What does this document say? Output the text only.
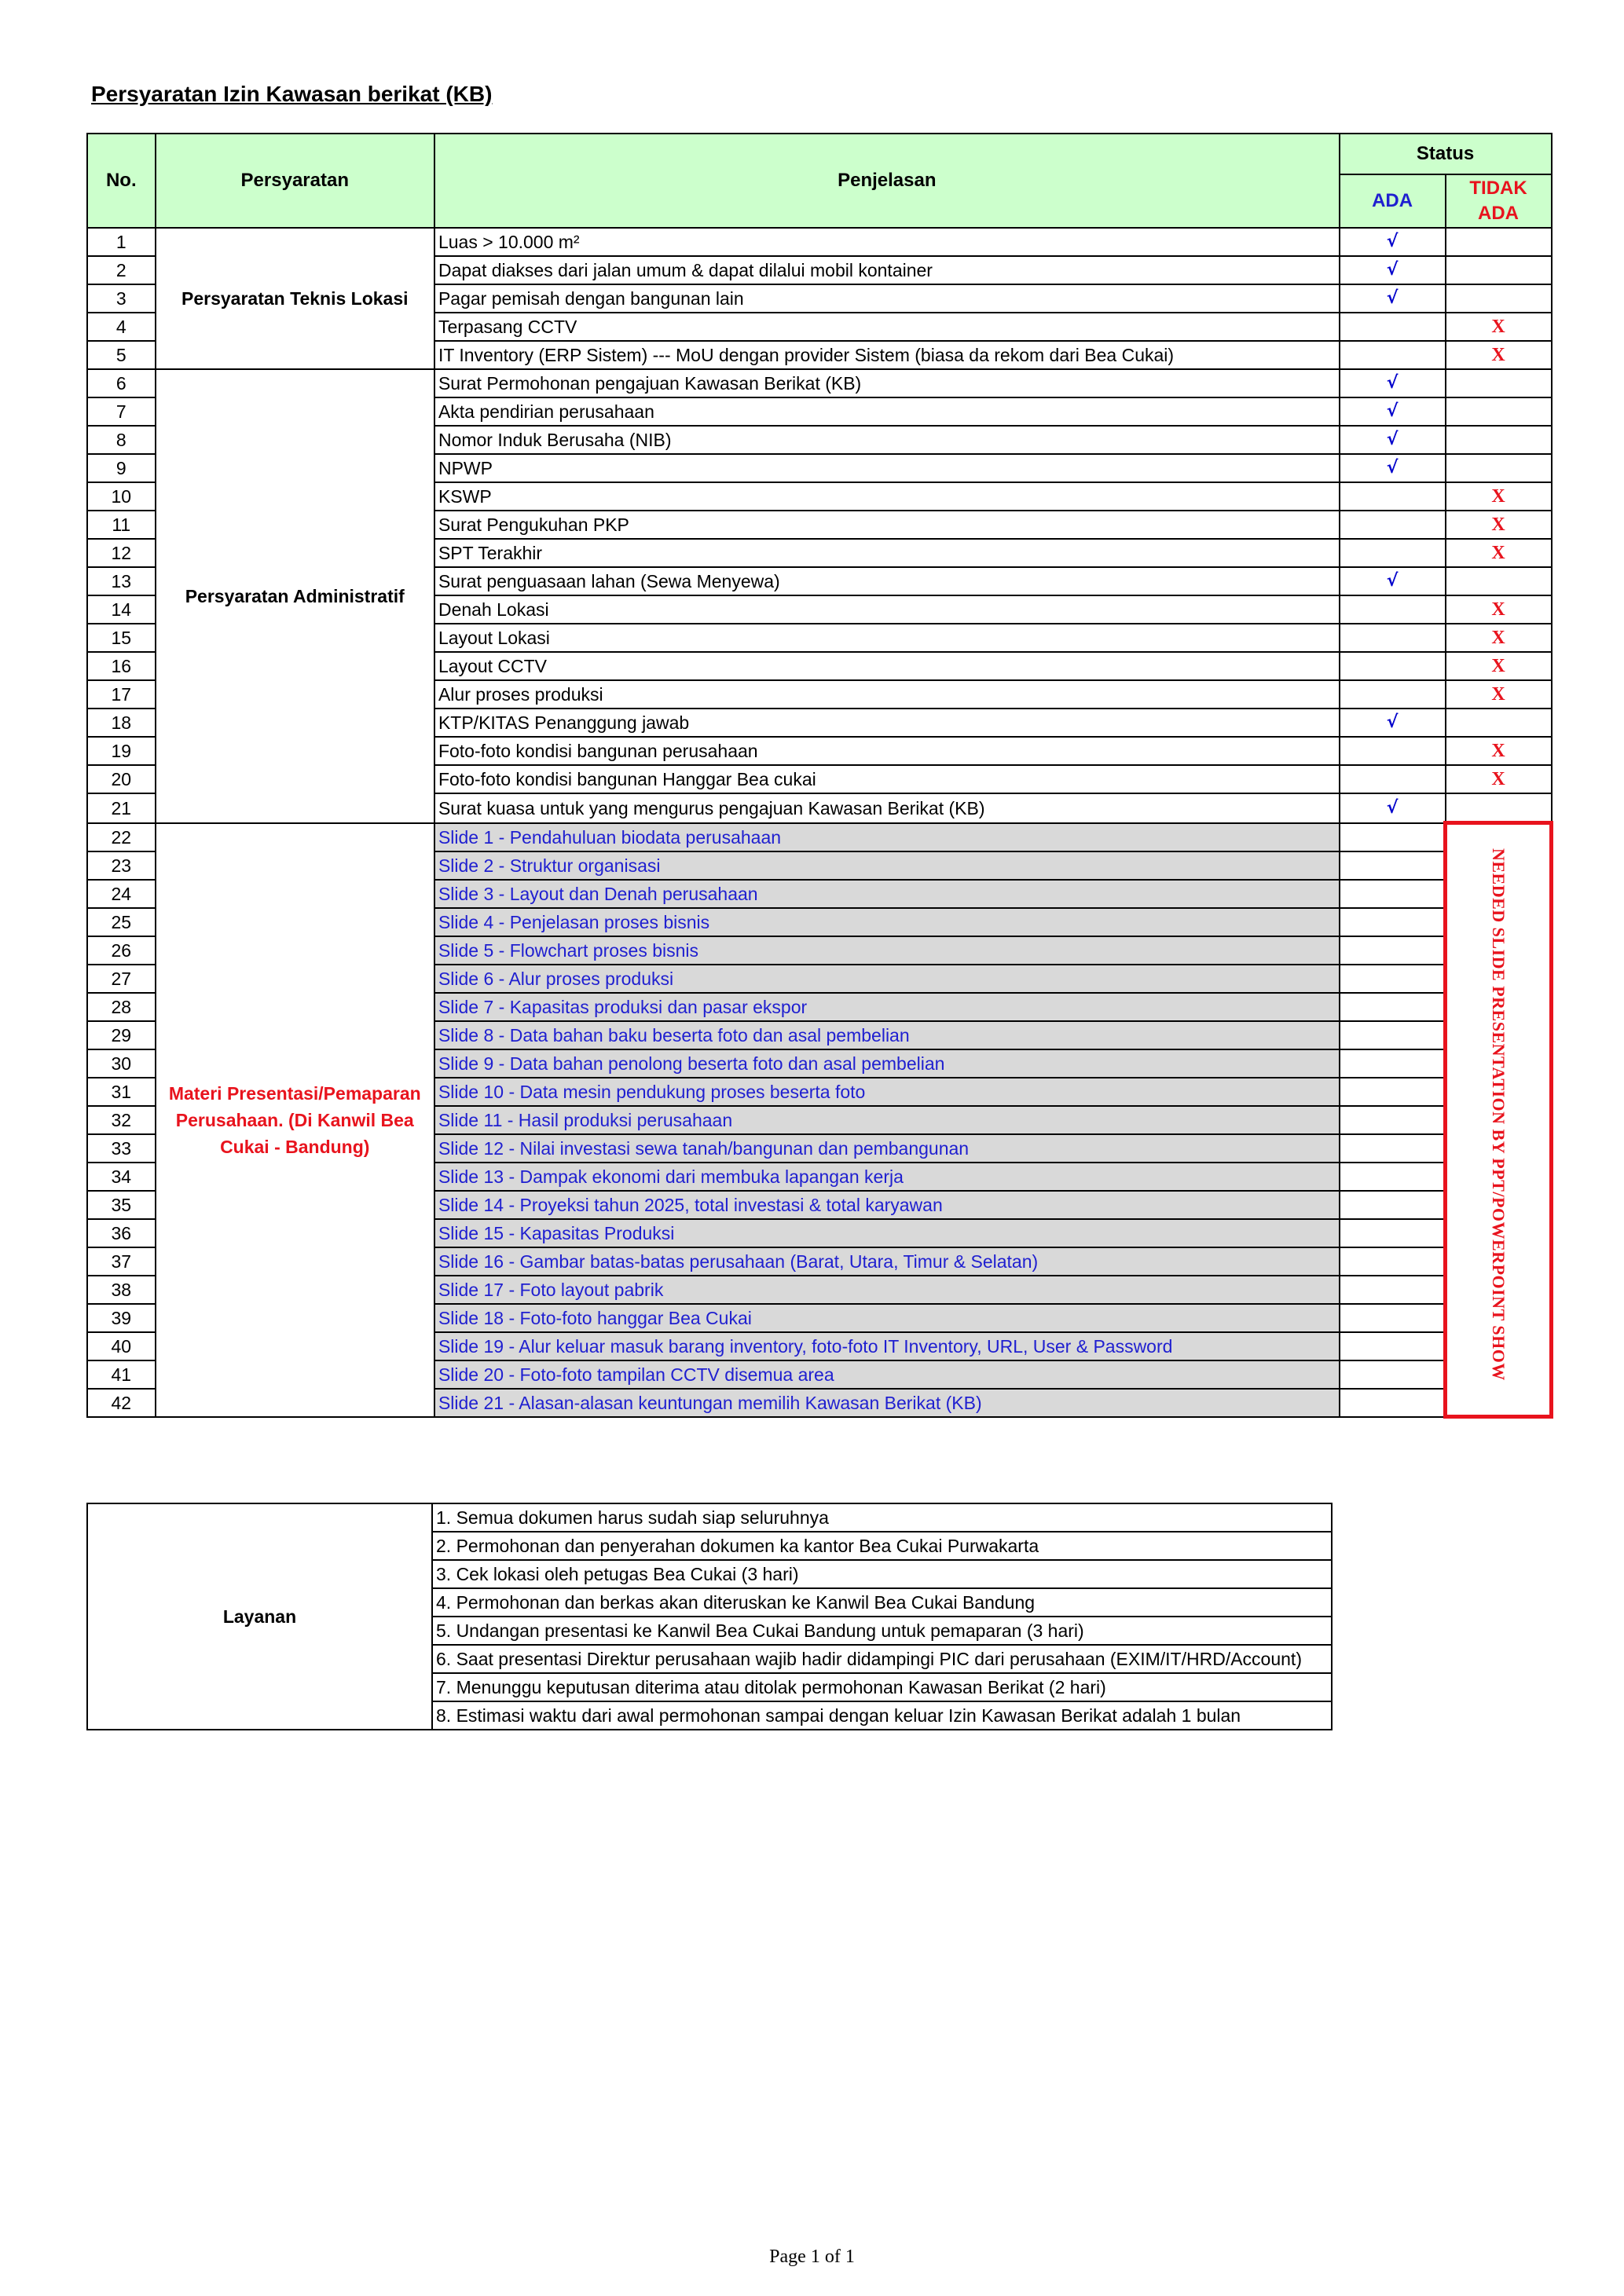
Persyaratan Izin Kawasan berikat (KB)
No.	Persyaratan	Penjelasan	Status	
			ADA	TIDAK ADA
1	Persyaratan Teknis Lokasi	Luas > 10.000 m²	√	
2		Dapat diakses dari jalan umum & dapat dilalui mobil kontainer	√	
3		Pagar pemisah dengan bangunan lain	√	
4		Terpasang CCTV		X
5		IT Inventory (ERP Sistem) --- MoU dengan provider Sistem (biasa da rekom dari Bea Cukai)		X
6	Persyaratan Administratif	Surat Permohonan pengajuan Kawasan Berikat (KB)	√	
7		Akta pendirian perusahaan	√	
8		Nomor Induk Berusaha (NIB)	√	
9		NPWP	√	
10		KSWP		X
11		Surat Pengukuhan PKP		X
12		SPT Terakhir		X
13		Surat penguasaan lahan (Sewa Menyewa)	√	
14		Denah Lokasi		X
15		Layout Lokasi		X
16		Layout CCTV		X
17		Alur proses produksi		X
18		KTP/KITAS Penanggung jawab	√	
19		Foto-foto kondisi bangunan perusahaan		X
20		Foto-foto kondisi bangunan Hanggar Bea cukai		X
21		Surat kuasa untuk yang mengurus pengajuan Kawasan Berikat (KB)	√	
22	Materi Presentasi/Pemaparan Perusahaan. (Di Kanwil Bea Cukai - Bandung)	Slide 1 - Pendahuluan biodata perusahaan		NEEDED SLIDE PRESENTATION BY PPT/POWERPOINT SHOW

23		Slide 2 - Struktur organisasi		
24		Slide 3 - Layout dan Denah perusahaan		
25		Slide 4 - Penjelasan proses bisnis		
26		Slide 5 - Flowchart proses bisnis		
27		Slide 6 - Alur proses produksi		
28		Slide 7 - Kapasitas produksi dan pasar ekspor		
29		Slide 8 - Data bahan baku beserta foto dan asal pembelian		
30		Slide 9 - Data bahan penolong beserta foto dan asal pembelian		
31		Slide 10 - Data mesin pendukung proses beserta foto		
32		Slide 11 - Hasil produksi perusahaan		
33		Slide 12 - Nilai investasi sewa tanah/bangunan dan pembangunan		
34		Slide 13 - Dampak ekonomi dari membuka lapangan kerja		
35		Slide 14 - Proyeksi tahun 2025, total investasi & total karyawan		
36		Slide 15 - Kapasitas Produksi		
37		Slide 16 - Gambar batas-batas perusahaan (Barat, Utara, Timur & Selatan)		
38		Slide 17 - Foto layout pabrik		
39		Slide 18 - Foto-foto hanggar Bea Cukai		
40		Slide 19 - Alur keluar masuk barang inventory, foto-foto IT Inventory, URL, User & Password		
41		Slide 20 - Foto-foto tampilan CCTV disemua area		
42		Slide 21 - Alasan-alasan keuntungan memilih Kawasan Berikat (KB)		
Layanan	1. Semua dokumen harus sudah siap seluruhnya
2. Permohonan dan penyerahan dokumen ka kantor Bea Cukai Purwakarta
3. Cek lokasi oleh petugas Bea Cukai (3 hari)
4. Permohonan dan berkas akan diteruskan ke Kanwil Bea Cukai Bandung
5. Undangan presentasi ke Kanwil Bea Cukai Bandung untuk pemaparan (3 hari)
6. Saat presentasi Direktur perusahaan wajib hadir didampingi PIC dari perusahaan (EXIM/IT/HRD/Account)
7. Menunggu keputusan diterima atau ditolak permohonan Kawasan Berikat (2 hari)
8. Estimasi waktu dari awal permohonan sampai dengan keluar Izin Kawasan Berikat adalah 1 bulan
Page 1 of 1
